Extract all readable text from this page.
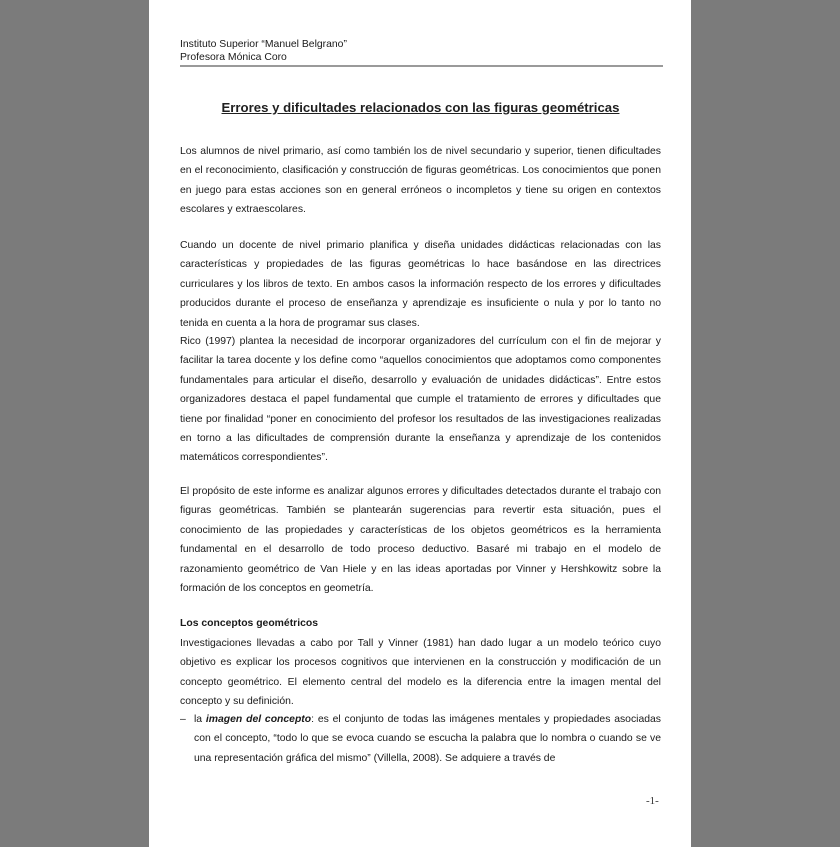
Instituto Superior “Manuel Belgrano”
Profesora Mónica Coro
Errores y dificultades relacionados con las figuras geométricas
Los alumnos de nivel primario, así como también los de nivel secundario y superior, tienen dificultades en el reconocimiento, clasificación y construcción de figuras geométricas. Los conocimientos que ponen en juego para estas acciones son en general erróneos o incompletos y tiene su origen en contextos escolares y extraescolares.
Cuando un docente de nivel primario planifica y diseña unidades didácticas relacionadas con las características y propiedades de las figuras geométricas lo hace basándose en las directrices curriculares y los libros de texto. En ambos casos la información respecto de los errores y dificultades producidos durante el proceso de enseñanza y aprendizaje es insuficiente o nula y por lo tanto no tenida en cuenta a la hora de programar sus clases.
Rico (1997) plantea la necesidad de incorporar organizadores del currículum con el fin de mejorar y facilitar la tarea docente y los define como “aquellos conocimientos que adoptamos como componentes fundamentales para articular el diseño, desarrollo y evaluación de unidades didácticas”. Entre estos organizadores destaca el papel fundamental que cumple el tratamiento de errores y dificultades que tiene por finalidad “poner en conocimiento del profesor los resultados de las investigaciones realizadas en torno a las dificultades de comprensión durante la enseñanza y aprendizaje de los contenidos matemáticos correspondientes”.
El propósito de este informe es analizar algunos errores y dificultades detectados durante el trabajo con figuras geométricas. También se plantearán sugerencias para revertir esta situación, pues el conocimiento de las propiedades y características de los objetos geométricos es la herramienta fundamental en el desarrollo de todo proceso deductivo. Basaré mi trabajo en el modelo de razonamiento geométrico de Van Hiele y en las ideas aportadas por Vinner y Hershkowitz sobre la formación de los conceptos en geometría.
Los conceptos geométricos
Investigaciones llevadas a cabo por Tall y Vinner (1981) han dado lugar a un modelo teórico cuyo objetivo es explicar los procesos cognitivos que intervienen en la construcción y modificación de un concepto geométrico. El elemento central del modelo es la diferencia entre la imagen mental del concepto y su definición.
– la imagen del concepto: es el conjunto de todas las imágenes mentales y propiedades asociadas con el concepto, “todo lo que se evoca cuando se escucha la palabra que lo nombra o cuando se ve una representación gráfica del mismo” (Villella, 2008). Se adquiere a través de
-1-
